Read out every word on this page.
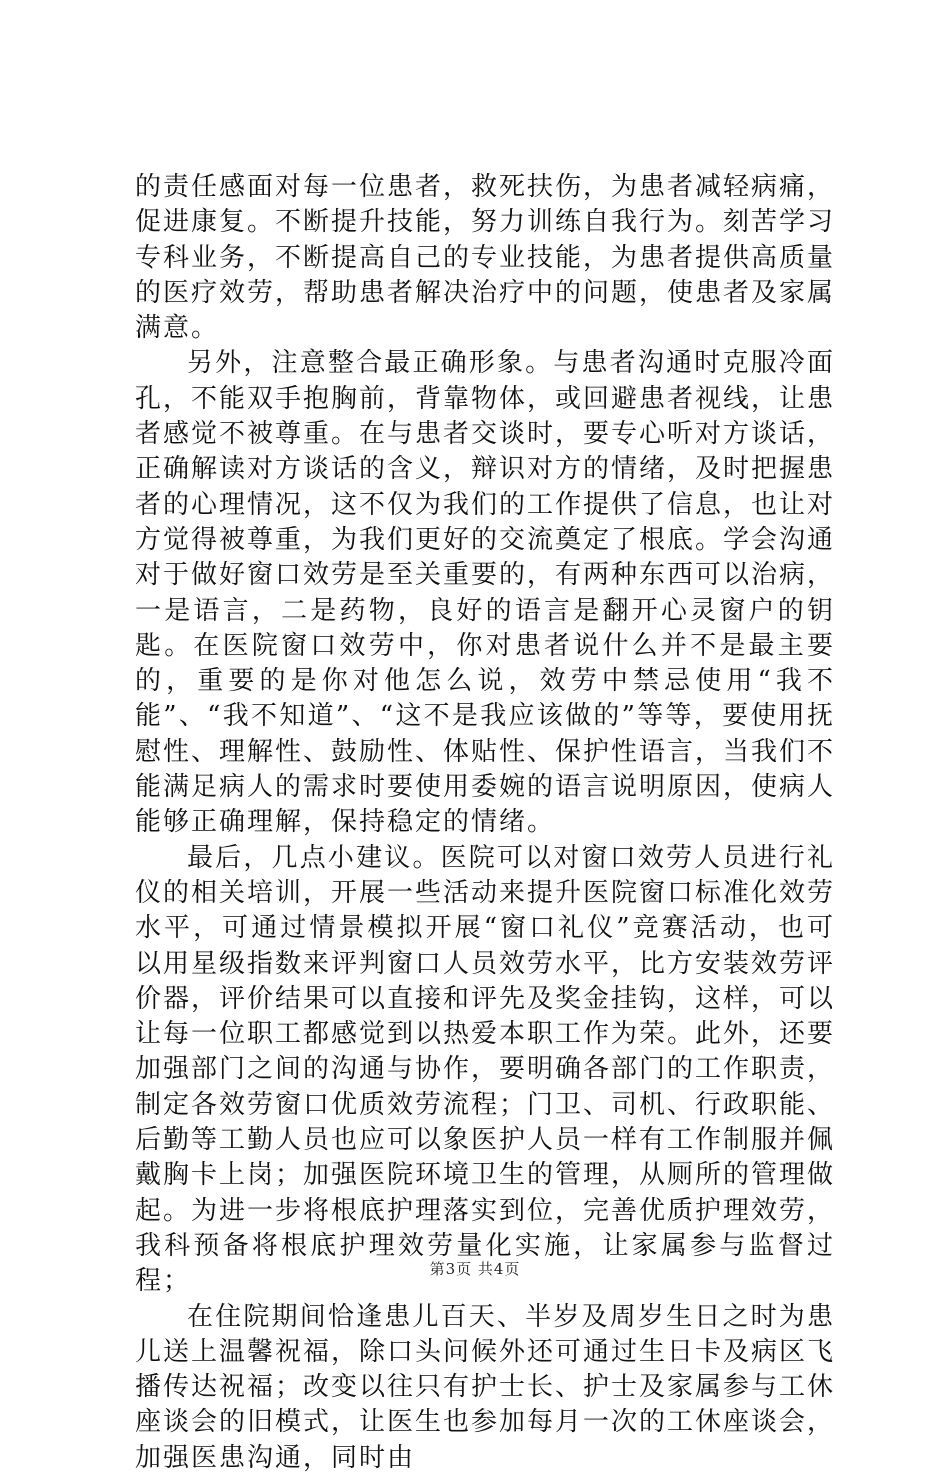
的责任感面对每一位患者，救死扶伤，为患者减轻病痛，促进康复。不断提升技能，努力训练自我行为。刻苦学习专科业务，不断提高自己的专业技能，为患者提供高质量的医疗效劳，帮助患者解决治疗中的问题，使患者及家属满意。

另外，注意整合最正确形象。与患者沟通时克服冷面孔，不能双手抱胸前，背靠物体，或回避患者视线，让患者感觉不被尊重。在与患者交谈时，要专心听对方谈话，正确解读对方谈话的含义，辩识对方的情绪，及时把握患者的心理情况，这不仅为我们的工作提供了信息，也让对方觉得被尊重，为我们更好的交流奠定了根底。学会沟通对于做好窗口效劳是至关重要的，有两种东西可以治病，一是语言，二是药物，良好的语言是翻开心灵窗户的钥匙。在医院窗口效劳中，你对患者说什么并不是最主要的，重要的是你对他怎么说，效劳中禁忌使用“我不能”、“我不知道”、“这不是我应该做的”等等，要使用抚慰性、理解性、鼓励性、体贴性、保护性语言，当我们不能满足病人的需求时要使用委婉的语言说明原因，使病人能够正确理解，保持稳定的情绪。

最后，几点小建议。医院可以对窗口效劳人员进行礼仪的相关培训，开展一些活动来提升医院窗口标准化效劳水平，可通过情景模拟开展“窗口礼仪”竞赛活动，也可以用星级指数来评判窗口人员效劳水平，比方安装效劳评价器，评价结果可以直接和评先及奖金挂钩，这样，可以让每一位职工都感觉到以热爱本职工作为荣。此外，还要加强部门之间的沟通与协作，要明确各部门的工作职责，制定各效劳窗口优质效劳流程；门卫、司机、行政职能、后勤等工勤人员也应可以象医护人员一样有工作制服并佩戴胸卡上岗；加强医院环境卫生的管理，从厕所的管理做起。为进一步将根底护理落实到位，完善优质护理效劳，我科预备将根底护理效劳量化实施，让家属参与监督过程；

在住院期间恰逢患儿百天、半岁及周岁生日之时为患儿送上温馨祝福，除口头问候外还可通过生日卡及病区飞播传达祝福；改变以往只有护士长、护士及家属参与工休座谈会的旧模式，让医生也参加每月一次的工休座谈会，加强医患沟通，同时由

第3页 共4页
